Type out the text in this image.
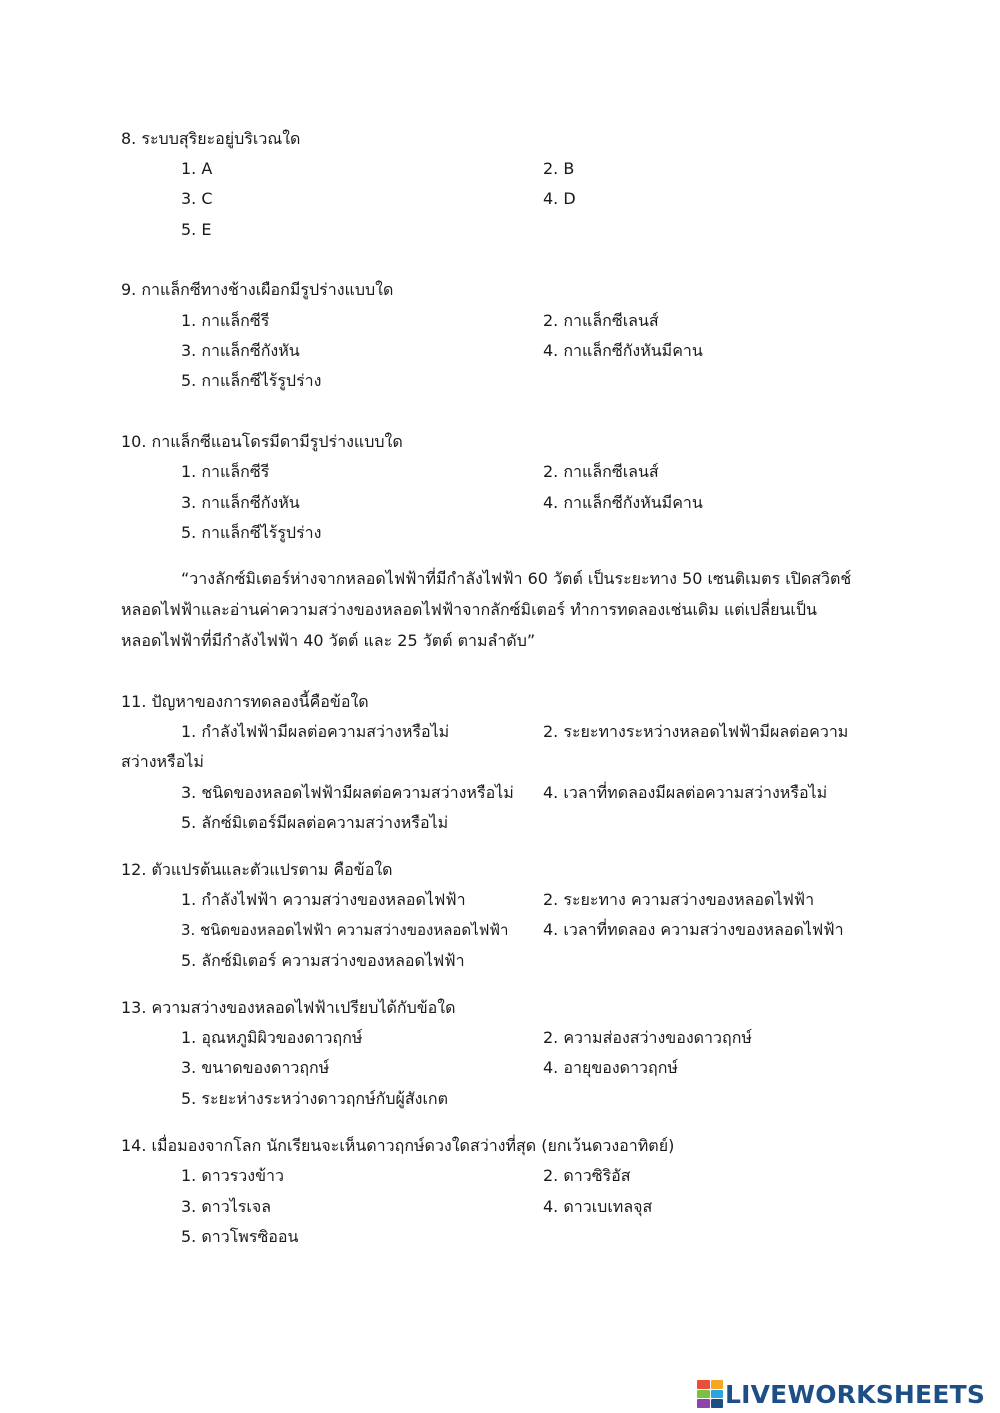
8. ระบบสุริยะอยู่บริเวณใด
1. A	2. B
3. C	4. D
5. E
9. กาแล็กซีทางช้างเผือกมีรูปร่างแบบใด
1. กาแล็กซีรี	2. กาแล็กซีเลนส์
3. กาแล็กซีกังหัน	4. กาแล็กซีกังหันมีคาน
5. กาแล็กซีไร้รูปร่าง
10. กาแล็กซีแอนโดรมีดามีรูปร่างแบบใด
1. กาแล็กซีรี	2. กาแล็กซีเลนส์
3. กาแล็กซีกังหัน	4. กาแล็กซีกังหันมีคาน
5. กาแล็กซีไร้รูปร่าง
“วางลักซ์มิเตอร์ห่างจากหลอดไฟฟ้าที่มีกำลังไฟฟ้า 60 วัตต์ เป็นระยะทาง 50 เซนติเมตร เปิดสวิตช์
หลอดไฟฟ้าและอ่านค่าความสว่างของหลอดไฟฟ้าจากลักซ์มิเตอร์ ทำการทดลองเช่นเดิม แต่เปลี่ยนเป็น
หลอดไฟฟ้าที่มีกำลังไฟฟ้า 40 วัตต์ และ 25 วัตต์ ตามลำดับ”
11. ปัญหาของการทดลองนี้คือข้อใด
1. กำลังไฟฟ้ามีผลต่อความสว่างหรือไม่	2. ระยะทางระหว่างหลอดไฟฟ้ามีผลต่อความ
สว่างหรือไม่
3. ชนิดของหลอดไฟฟ้ามีผลต่อความสว่างหรือไม่ 4. เวลาที่ทดลองมีผลต่อความสว่างหรือไม่
5. ลักซ์มิเตอร์มีผลต่อความสว่างหรือไม่
12. ตัวแปรต้นและตัวแปรตาม คือข้อใด
1. กำลังไฟฟ้า ความสว่างของหลอดไฟฟ้า	2. ระยะทาง ความสว่างของหลอดไฟฟ้า
3. ชนิดของหลอดไฟฟ้า ความสว่างของหลอดไฟฟ้า 4. เวลาที่ทดลอง ความสว่างของหลอดไฟฟ้า
5. ลักซ์มิเตอร์ ความสว่างของหลอดไฟฟ้า
13. ความสว่างของหลอดไฟฟ้าเปรียบได้กับข้อใด
1. อุณหภูมิผิวของดาวฤกษ์	2. ความส่องสว่างของดาวฤกษ์
3. ขนาดของดาวฤกษ์	4. อายุของดาวฤกษ์
5. ระยะห่างระหว่างดาวฤกษ์กับผู้สังเกต
14. เมื่อมองจากโลก นักเรียนจะเห็นดาวฤกษ์ดวงใดสว่างที่สุด (ยกเว้นดวงอาทิตย์)
1. ดาวรวงข้าว	2. ดาวซิริอัส
3. ดาวไรเจล	4. ดาวเบเทลจุส
5. ดาวโพรซิออน
LIVEWORKSHEETS
